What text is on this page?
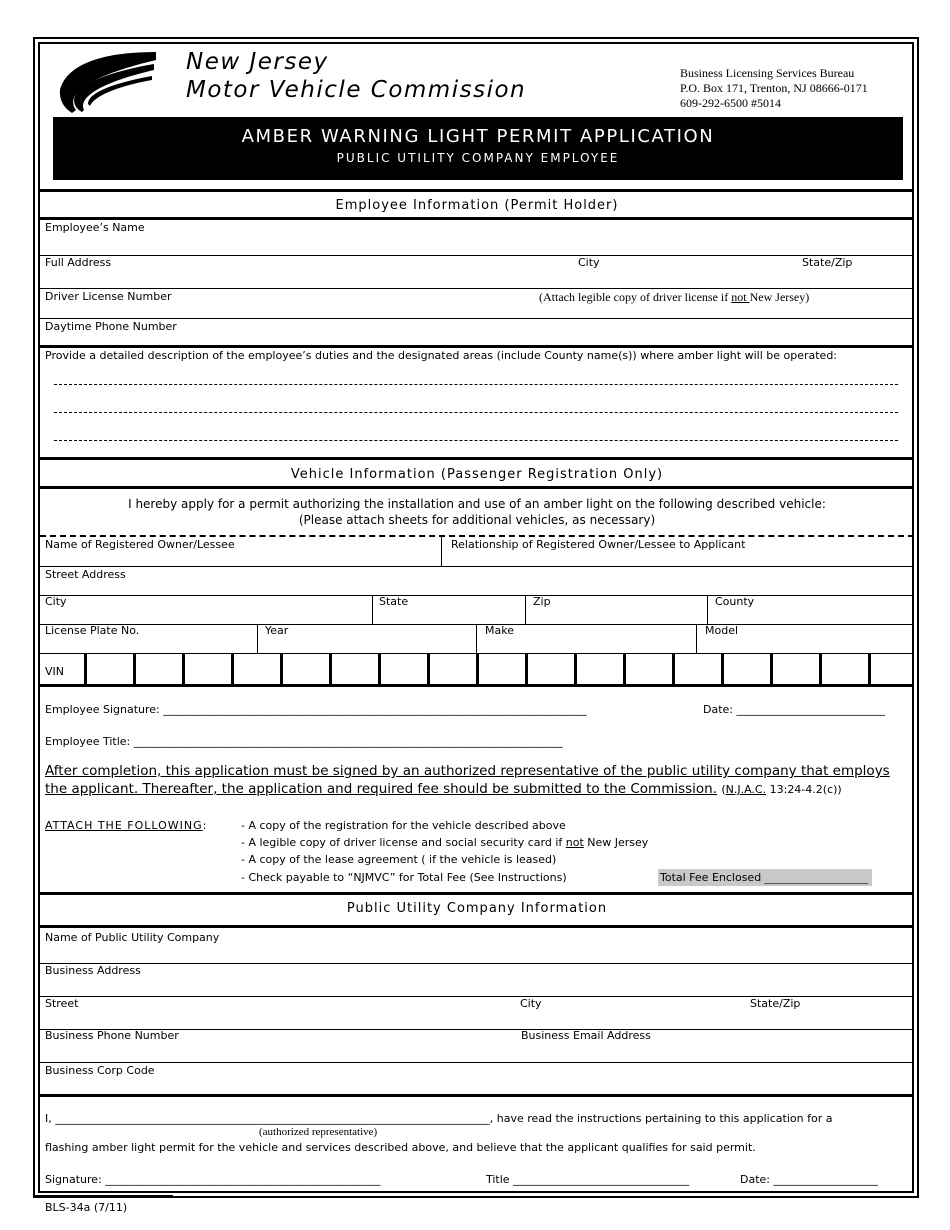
New Jersey
Motor Vehicle Commission
Business Licensing Services Bureau
P.O. Box 171, Trenton, NJ 08666-0171
609-292-6500 #5014
AMBER WARNING LIGHT PERMIT APPLICATION
PUBLIC UTILITY COMPANY EMPLOYEE
Employee Information (Permit Holder)
Employee’s Name
Full Address	City	State/Zip
Driver License Number	(Attach legible copy of driver license if not New Jersey)
Daytime Phone Number
Provide a detailed description of the employee’s duties and the designated areas (include County name(s)) where amber light will be operated:
Vehicle Information (Passenger Registration Only)
I hereby apply for a permit authorizing the installation and use of an amber light on the following described vehicle:
(Please attach sheets for additional vehicles, as necessary)
Name of Registered Owner/Lessee	Relationship of Registered Owner/Lessee to Applicant
Street Address
City	State	Zip	County
License Plate No.	Year	Make	Model
VIN
Employee Signature: _____________________________________________________________________________	Date: ___________________________
Employee Title: ______________________________________________________________________________
After completion, this application must be signed by an authorized representative of the public utility company that employs the applicant. Thereafter, the application and required fee should be submitted to the Commission. (N.J.A.C. 13:24-4.2(c))
ATTACH THE FOLLOWING:	- A copy of the registration for the vehicle described above
- A legible copy of driver license and social security card if not New Jersey
- A copy of the lease agreement ( if the vehicle is leased)
- Check payable to “NJMVC” for Total Fee (See Instructions)	Total Fee Enclosed
Public Utility Company Information
Name of Public Utility Company
Business Address
Street	City	State/Zip
Business Phone Number	Business Email Address
Business Corp Code
I, _______________________________________________________________________________, have read the instructions pertaining to this application for a
(authorized representative)
flashing amber light permit for the vehicle and services described above, and believe that the applicant qualifies for said permit.
Signature: __________________________________________________	Title ________________________________	Date: ___________________
BLS-34a (7/11)
